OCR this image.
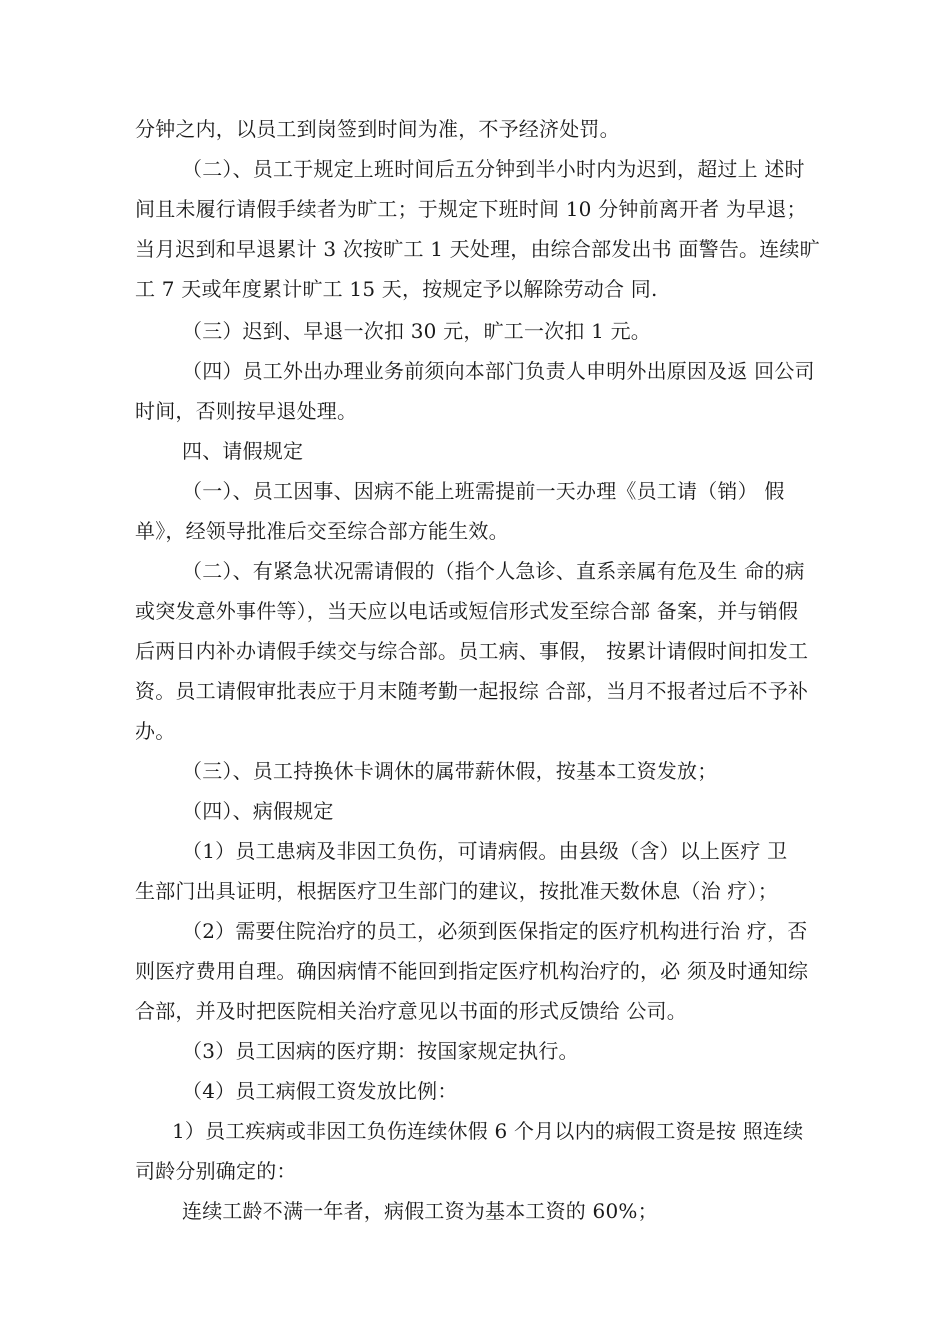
分钟之内，以员工到岗签到时间为准，不予经济处罚。
（二）、员工于规定上班时间后五分钟到半小时内为迟到，超过上 述时
间且未履行请假手续者为旷工；于规定下班时间 10 分钟前离开者 为早退；
当月迟到和早退累计 3 次按旷工 1 天处理，由综合部发出书 面警告。连续旷
工 7 天或年度累计旷工 15 天，按规定予以解除劳动合 同.
（三）迟到、早退一次扣 30 元，旷工一次扣 1 元。
（四）员工外出办理业务前须向本部门负责人申明外出原因及返 回公司
时间，否则按早退处理。
四、请假规定
（一）、员工因事、因病不能上班需提前一天办理《员工请（销） 假
单》，经领导批准后交至综合部方能生效。
（二）、有紧急状况需请假的（指个人急诊、直系亲属有危及生 命的病
或突发意外事件等），当天应以电话或短信形式发至综合部 备案，并与销假
后两日内补办请假手续交与综合部。员工病、事假， 按累计请假时间扣发工
资。员工请假审批表应于月末随考勤一起报综 合部，当月不报者过后不予补
办。
（三）、员工持换休卡调休的属带薪休假，按基本工资发放；
（四）、病假规定
（1）员工患病及非因工负伤，可请病假。由县级（含）以上医疗 卫
生部门出具证明，根据医疗卫生部门的建议，按批准天数休息（治 疗）；
（2）需要住院治疗的员工，必须到医保指定的医疗机构进行治 疗，否
则医疗费用自理。确因病情不能回到指定医疗机构治疗的，必 须及时通知综
合部，并及时把医院相关治疗意见以书面的形式反馈给 公司。
（3）员工因病的医疗期：按国家规定执行。
（4）员工病假工资发放比例：
1）员工疾病或非因工负伤连续休假 6 个月以内的病假工资是按 照连续
司龄分别确定的：
连续工龄不满一年者，病假工资为基本工资的 60%；
